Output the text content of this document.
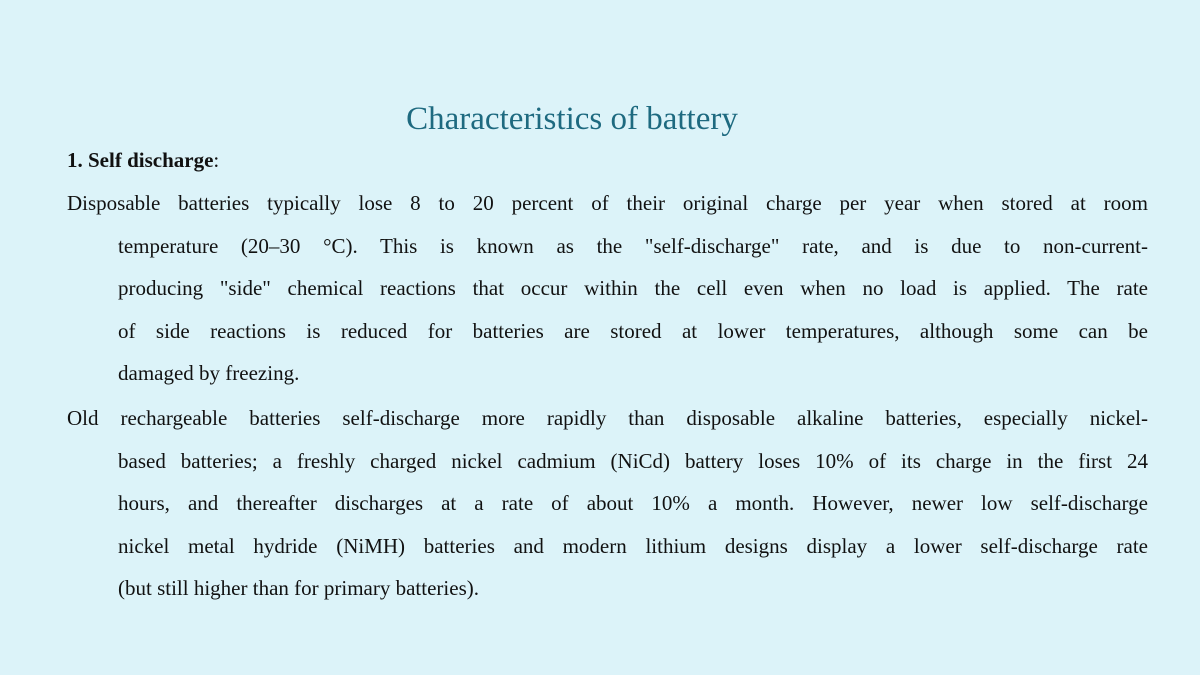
Characteristics of battery
1. Self discharge:
Disposable batteries typically lose 8 to 20 percent of their original charge per year when stored at room
temperature (20–30 °C). This is known as the "self-discharge" rate, and is due to non-current-
producing "side" chemical reactions that occur within the cell even when no load is applied. The rate
of side reactions is reduced for batteries are stored at lower temperatures, although some can be
damaged by freezing.
Old rechargeable batteries self-discharge more rapidly than disposable alkaline batteries, especially nickel-
based batteries; a freshly charged nickel cadmium (NiCd) battery loses 10% of its charge in the first 24
hours, and thereafter discharges at a rate of about 10% a month. However, newer low self-discharge
nickel metal hydride (NiMH) batteries and modern lithium designs display a lower self-discharge rate
(but still higher than for primary batteries).
